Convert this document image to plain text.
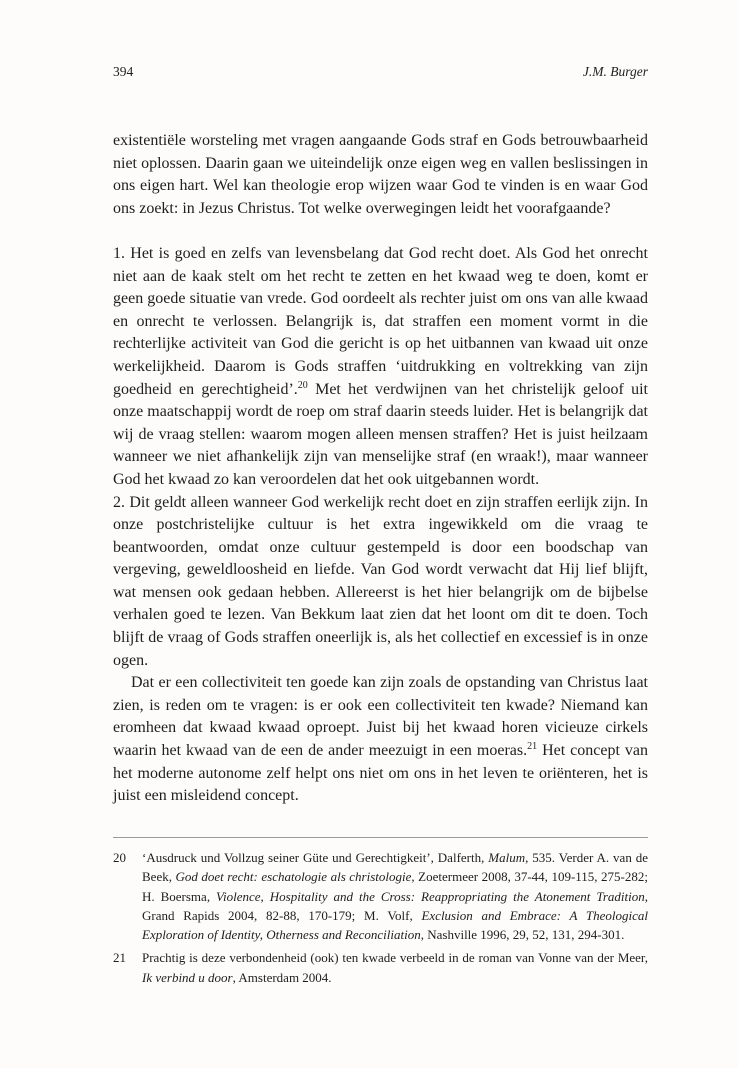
394	J.M. Burger

existentiële worsteling met vragen aangaande Gods straf en Gods betrouwbaarheid niet oplossen. Daarin gaan we uiteindelijk onze eigen weg en vallen beslissingen in ons eigen hart. Wel kan theologie erop wijzen waar God te vinden is en waar God ons zoekt: in Jezus Christus. Tot welke overwegingen leidt het voorafgaande?

1. Het is goed en zelfs van levensbelang dat God recht doet. Als God het onrecht niet aan de kaak stelt om het recht te zetten en het kwaad weg te doen, komt er geen goede situatie van vrede. God oordeelt als rechter juist om ons van alle kwaad en onrecht te verlossen. Belangrijk is, dat straffen een moment vormt in die rechterlijke activiteit van God die gericht is op het uitbannen van kwaad uit onze werkelijkheid. Daarom is Gods straffen ‘uitdrukking en voltrekking van zijn goedheid en gerechtigheid’.$^{20}$ Met het verdwijnen van het christelijk geloof uit onze maatschappij wordt de roep om straf daarin steeds luider. Het is belangrijk dat wij de vraag stellen: waarom mogen alleen mensen straffen? Het is juist heilzaam wanneer we niet afhankelijk zijn van menselijke straf (en wraak!), maar wanneer God het kwaad zo kan veroordelen dat het ook uitgebannen wordt.

2. Dit geldt alleen wanneer God werkelijk recht doet en zijn straffen eerlijk zijn. In onze postchristelijke cultuur is het extra ingewikkeld om die vraag te beantwoorden, omdat onze cultuur gestempeld is door een boodschap van vergeving, geweldloosheid en liefde. Van God wordt verwacht dat Hij lief blijft, wat mensen ook gedaan hebben. Allereerst is het hier belangrijk om de bijbelse verhalen goed te lezen. Van Bekkum laat zien dat het loont om dit te doen. Toch blijft de vraag of Gods straffen oneerlijk is, als het collectief en excessief is in onze ogen.

Dat er een collectiviteit ten goede kan zijn zoals de opstanding van Christus laat zien, is reden om te vragen: is er ook een collectiviteit ten kwade? Niemand kan eromheen dat kwaad kwaad oproept. Juist bij het kwaad horen vicieuze cirkels waarin het kwaad van de een de ander meezuigt in een moeras.$^{21}$ Het concept van het moderne autonome zelf helpt ons niet om ons in het leven te oriënteren, het is juist een misleidend concept.

20	‘Ausdruck und Vollzug seiner Güte und Gerechtigkeit’, Dalferth, Malum, 535. Verder A. van de Beek, God doet recht: eschatologie als christologie, Zoetermeer 2008, 37-44, 109-115, 275-282; H. Boersma, Violence, Hospitality and the Cross: Reappropriating the Atonement Tradition, Grand Rapids 2004, 82-88, 170-179; M. Volf, Exclusion and Embrace: A Theological Exploration of Identity, Otherness and Reconciliation, Nashville 1996, 29, 52, 131, 294-301.
21	Prachtig is deze verbondenheid (ook) ten kwade verbeeld in de roman van Vonne van der Meer, Ik verbind u door, Amsterdam 2004.
